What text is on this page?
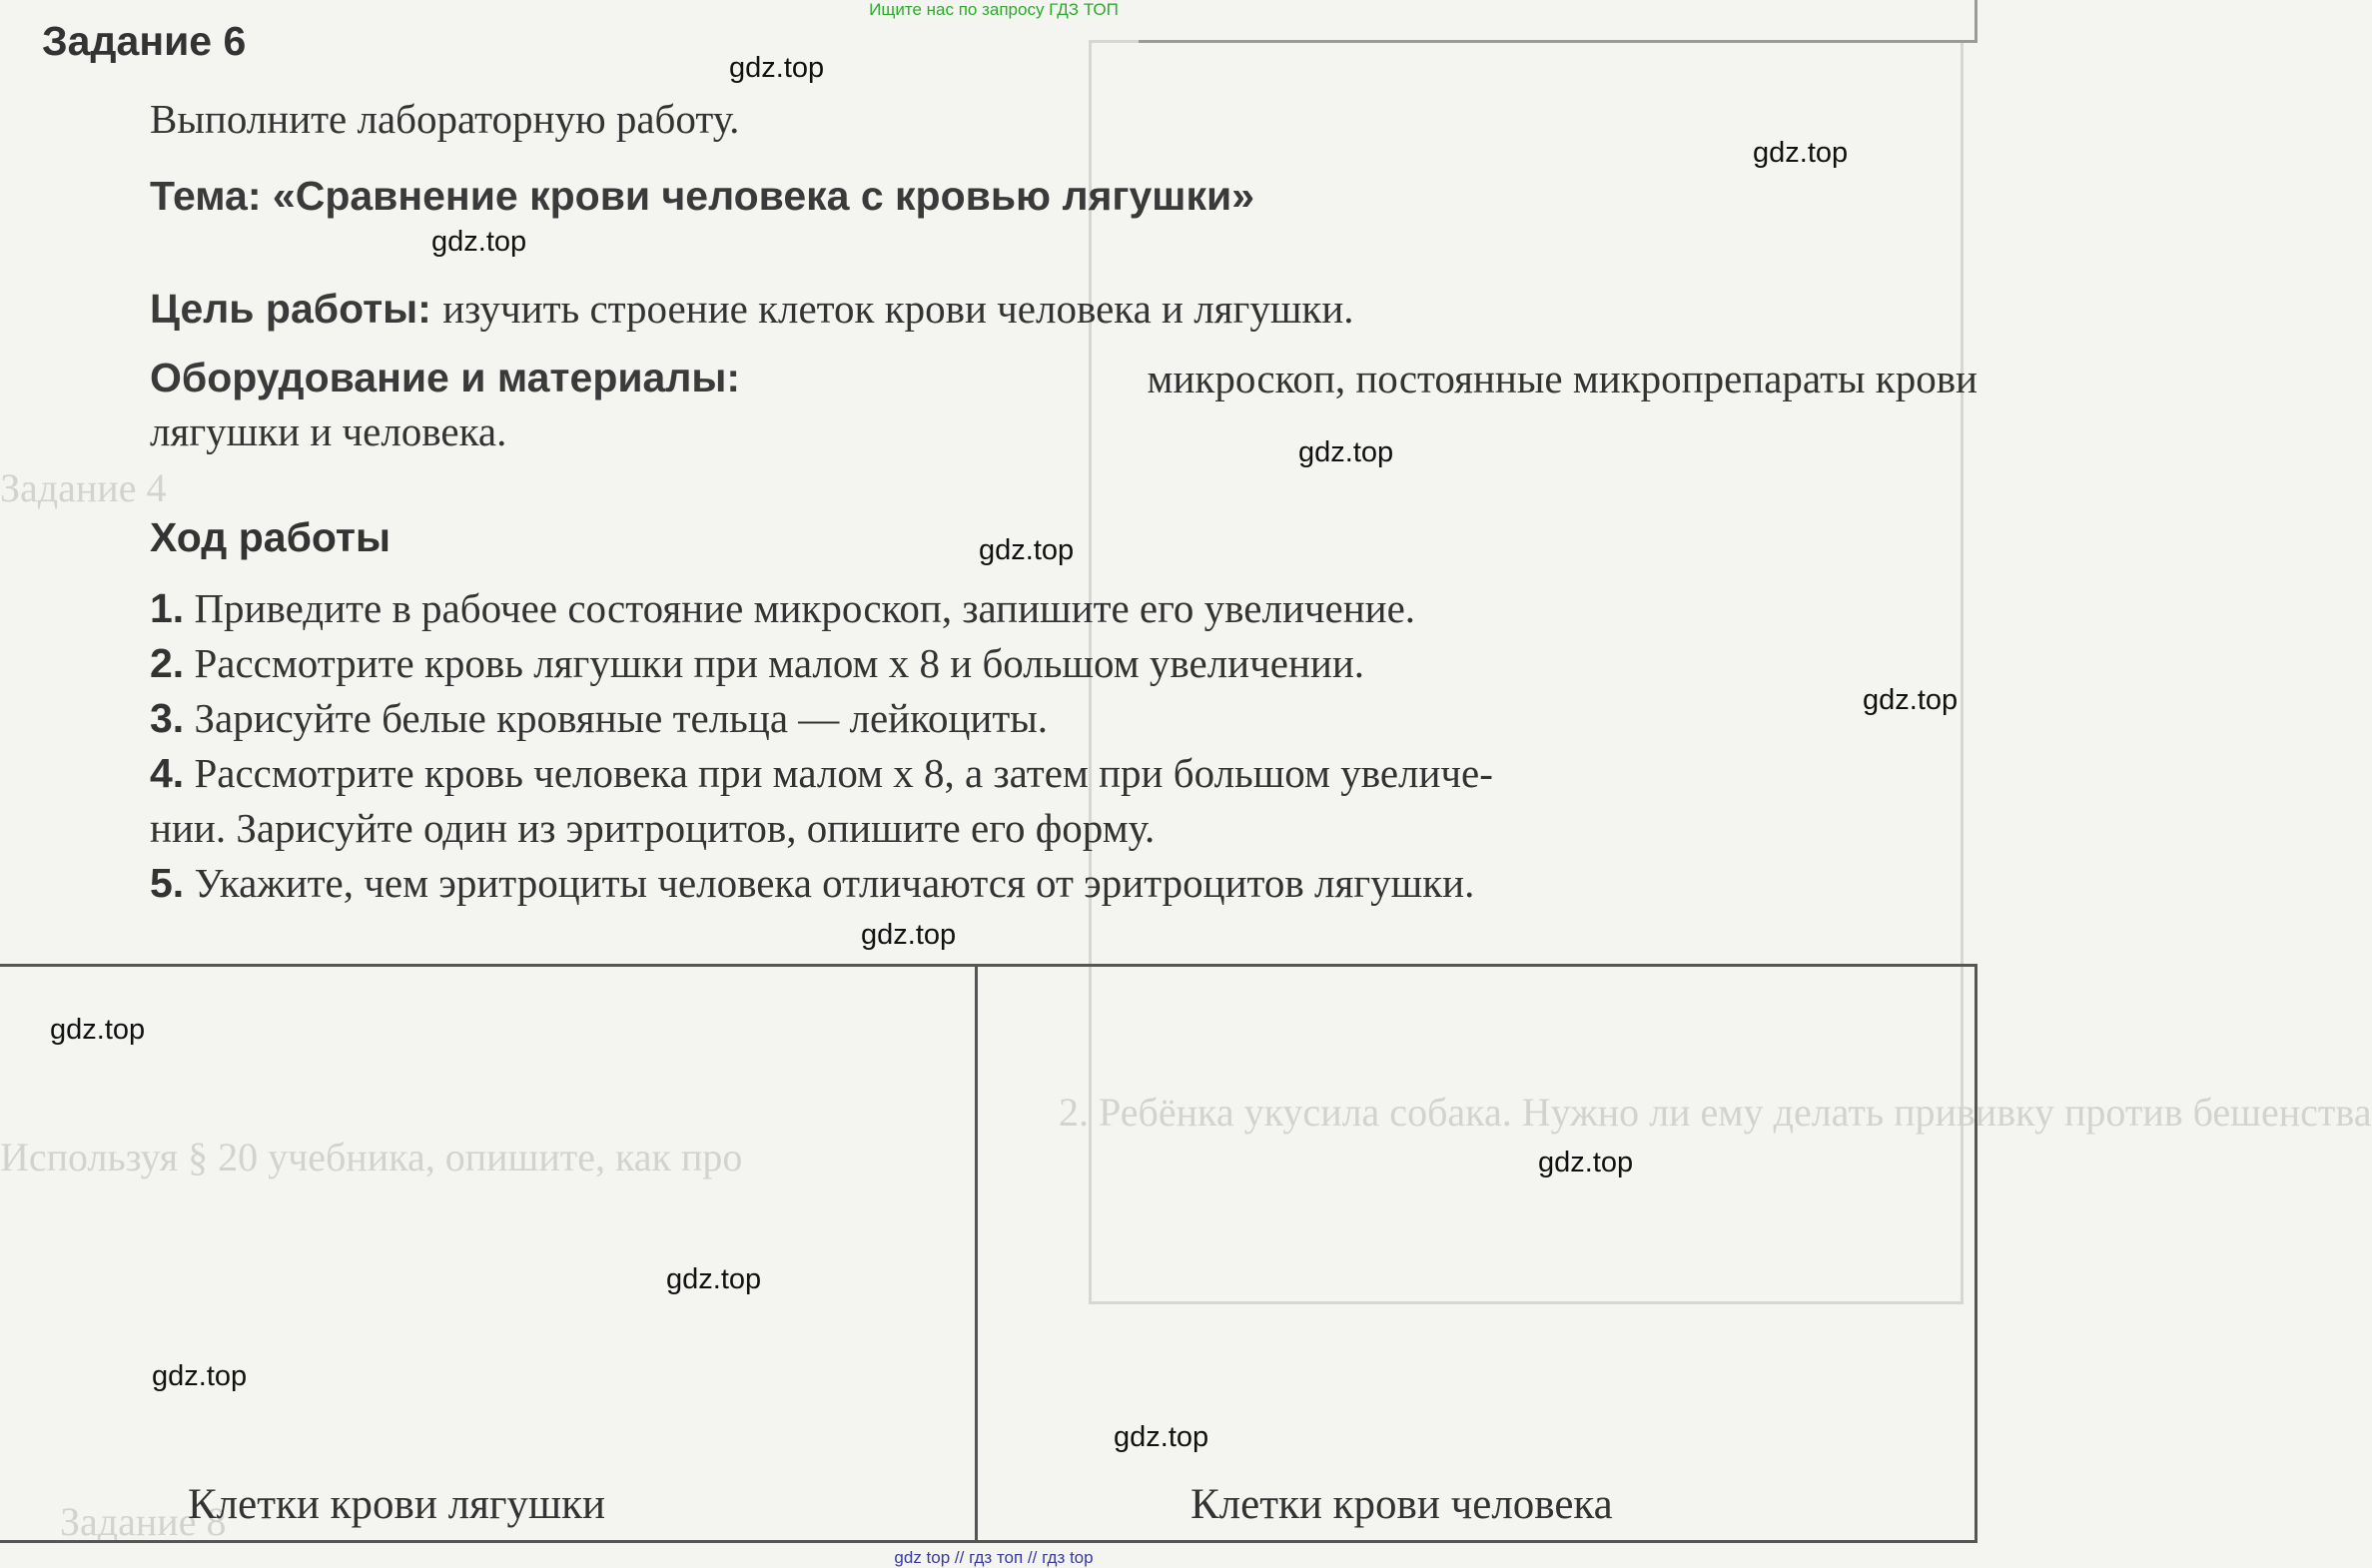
Задание 4
2. Ребёнка укусила собака. Нужно ли ему делать прививку против бешенства
Используя § 20 учебника, опишите, как про
Задание 8
Ищите нас по запросу ГДЗ ТОП
Задание 6
Выполните лабораторную работу.
Тема: «Сравнение крови человека с кровью лягушки»
Цель работы: изучить строение клеток крови человека и лягушки.
Оборудование и материалы:	микроскоп, постоянные микропрепараты крови
лягушки и человека.
Ход работы
1. Приведите в рабочее состояние микроскоп, запишите его увеличение.
2. Рассмотрите кровь лягушки при малом х 8 и большом увеличении.
3. Зарисуйте белые кровяные тельца — лейкоциты.
4. Рассмотрите кровь человека при малом х 8, а затем при большом увеличе-
нии. Зарисуйте один из эритроцитов, опишите его форму.
5. Укажите, чем эритроциты человека отличаются от эритроцитов лягушки.
Клетки крови лягушки	Клетки крови человека
gdz.top
gdz.top
gdz.top
gdz.top
gdz.top
gdz.top
gdz.top
gdz.top
gdz.top
gdz.top
gdz.top
gdz.top
gdz top // гдз топ // гдз top
